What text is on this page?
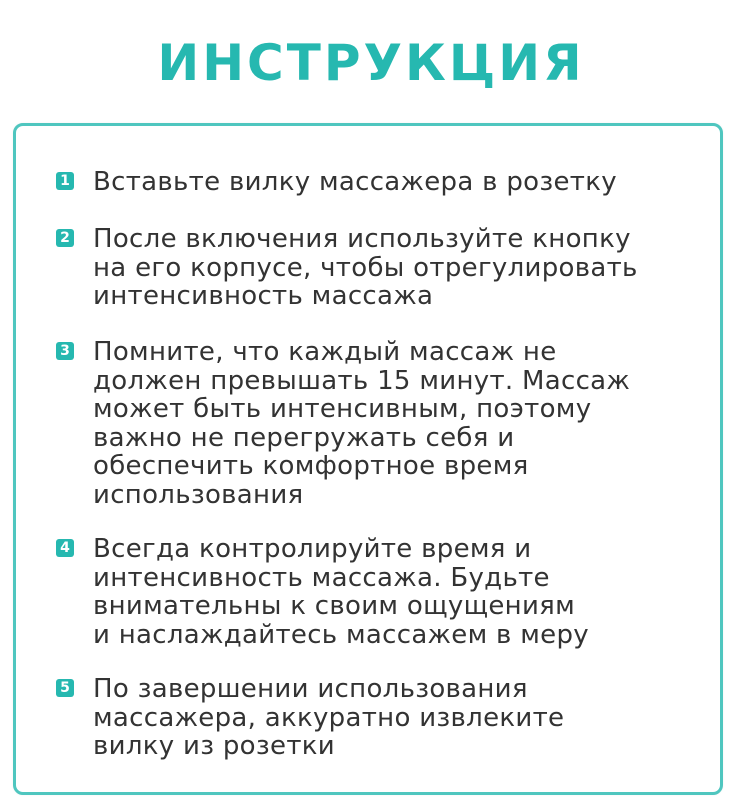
ИНСТРУКЦИЯ
1 Вставьте вилку массажера в розетку
2 После включения используйте кнопку
на его корпусе, чтобы отрегулировать
интенсивность массажа
3 Помните, что каждый массаж не
должен превышать 15 минут. Массаж
может быть интенсивным, поэтому
важно не перегружать себя и
обеспечить комфортное время
использования
4 Всегда контролируйте время и
интенсивность массажа. Будьте
внимательны к своим ощущениям
и наслаждайтесь массажем в меру
5 По завершении использования
массажера, аккуратно извлеките
вилку из розетки
